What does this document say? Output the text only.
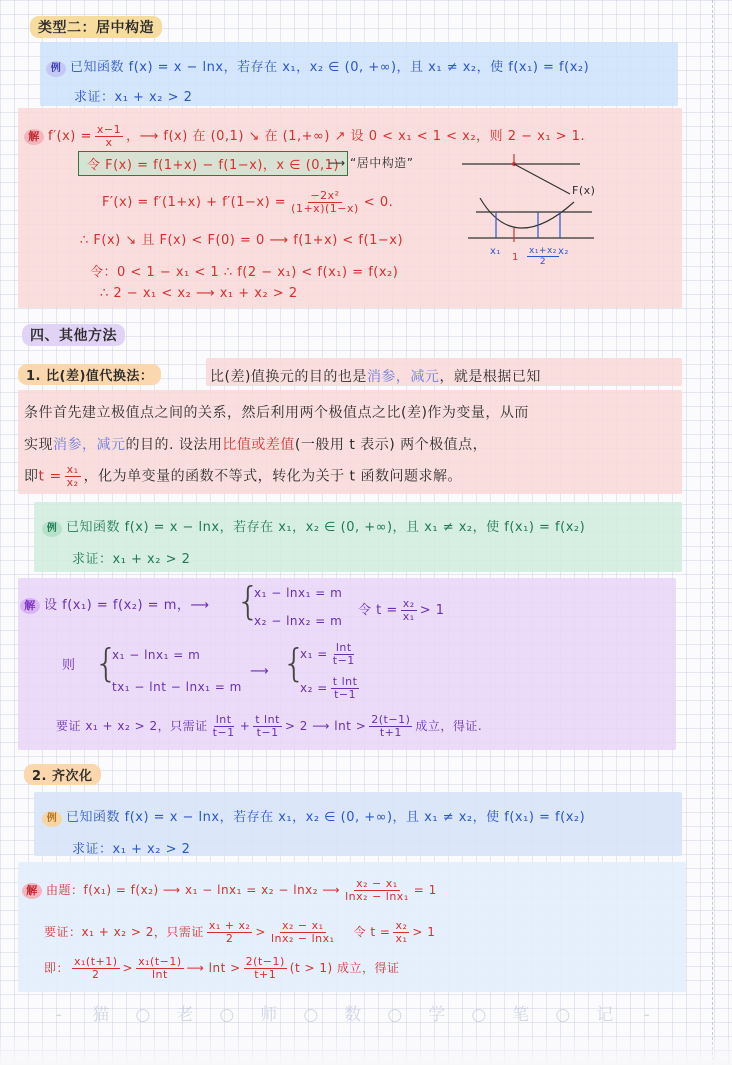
类型二：居中构造
例 已知函数 f(x) = x − lnx，若存在 x₁，x₂ ∈ (0, +∞)，且 x₁ ≠ x₂，使 f(x₁) = f(x₂)
求证：x₁ + x₂ > 2
解 $f'(x) = \frac{x-1}{x}$ ，⟶ f(x) 在 (0,1) ↘ 在 (1,+∞) ↗ 设 0 < x₁ < 1 < x₂，则 2 − x₁ > 1.
令 F(x) = f(1+x) − f(1−x)，x ∈ (0,1)
⟶ “居中构造”
$F'(x) = f'(1+x) + f'(1-x) = \frac{\text{−2x²}}{(1+x)(1-x)} < 0$.
∴ F(x) ↘ 且 F(x) < F(0) = 0 ⟶ f(1+x) < f(1−x)
令：0 < 1 − x₁ < 1 ∴ f(2 − x₁) < f(x₁) = f(x₂)
∴ 2 − x₁ < x₂ ⟶ x₁ + x₂ > 2
F(x)
x₁
$1 \frac{\text{x₁+x₂}}{2} x_2$
四、其他方法
1. 比(差)值代换法：	比(差)值换元的目的也是消参，减元，就是根据已知
条件首先建立极值点之间的关系，然后利用两个极值点之比(差)作为变量，从而
实现消参，减元的目的. 设法用比值或差值(一般用 t 表示) 两个极值点，
即$t = \frac{\text{x₁}}{\text{x₂}}$ ，化为单变量的函数不等式，转化为关于 t 函数问题求解。
例 已知函数 f(x) = x − lnx，若存在 x₁，x₂ ∈ (0, +∞)，且 x₁ ≠ x₂，使 f(x₁) = f(x₂)
求证：x₁ + x₂ > 2
解 设 f(x₁) = f(x₂) = m，⟶ {
x₁ − lnx₁ = m
x₂ − lnx₂ = m
令 $t = \frac{\text{x₂}}{\text{x₁}} > 1$
则 {
x₁ − lnx₁ = m
tx₁ − lnt − lnx₁ = m
⟶ {
$x_1 = \frac{\ln t}{t-1}$
$x_2 = \frac{\text{t lnt}}{t-1}$
要证 x₁ + x₂ > 2，只需证 $\frac{\ln t}{t-1} + \frac{\text{t lnt}}{t-1} > 2$ ⟶ $\ln t > \frac{2(t-1)}{t+1}$ 成立，得证.
2. 齐次化
例 已知函数 f(x) = x − lnx，若存在 x₁，x₂ ∈ (0, +∞)，且 x₁ ≠ x₂，使 f(x₁) = f(x₂)
求证：x₁ + x₂ > 2
解 由题：f(x₁) = f(x₂) ⟶ x₁ − lnx₁ = x₂ − lnx₂ ⟶ $\frac{\text{x₂ − x₁}}{\text{lnx₂ − lnx₁}} = 1$
要证：x₁ + x₂ > 2，只需证 $\frac{\text{x₁ + x₂}}{2} > \frac{\text{x₂ − x₁}}{\text{lnx₂ − lnx₁}}$ 令 $t = \frac{\text{x₂}}{\text{x₁}} > 1$
即： $\frac{\text{x₁(t+1)}}{2} > \frac{\text{x₁(t−1)}}{\ln t}$ ⟶ $\ln t > \frac{2(t-1)}{t+1} (t > 1)$ 成立，得证
- 猫 ○ 老 ○ 师 ○ 数 ○ 学 ○ 笔 ○ 记 -
